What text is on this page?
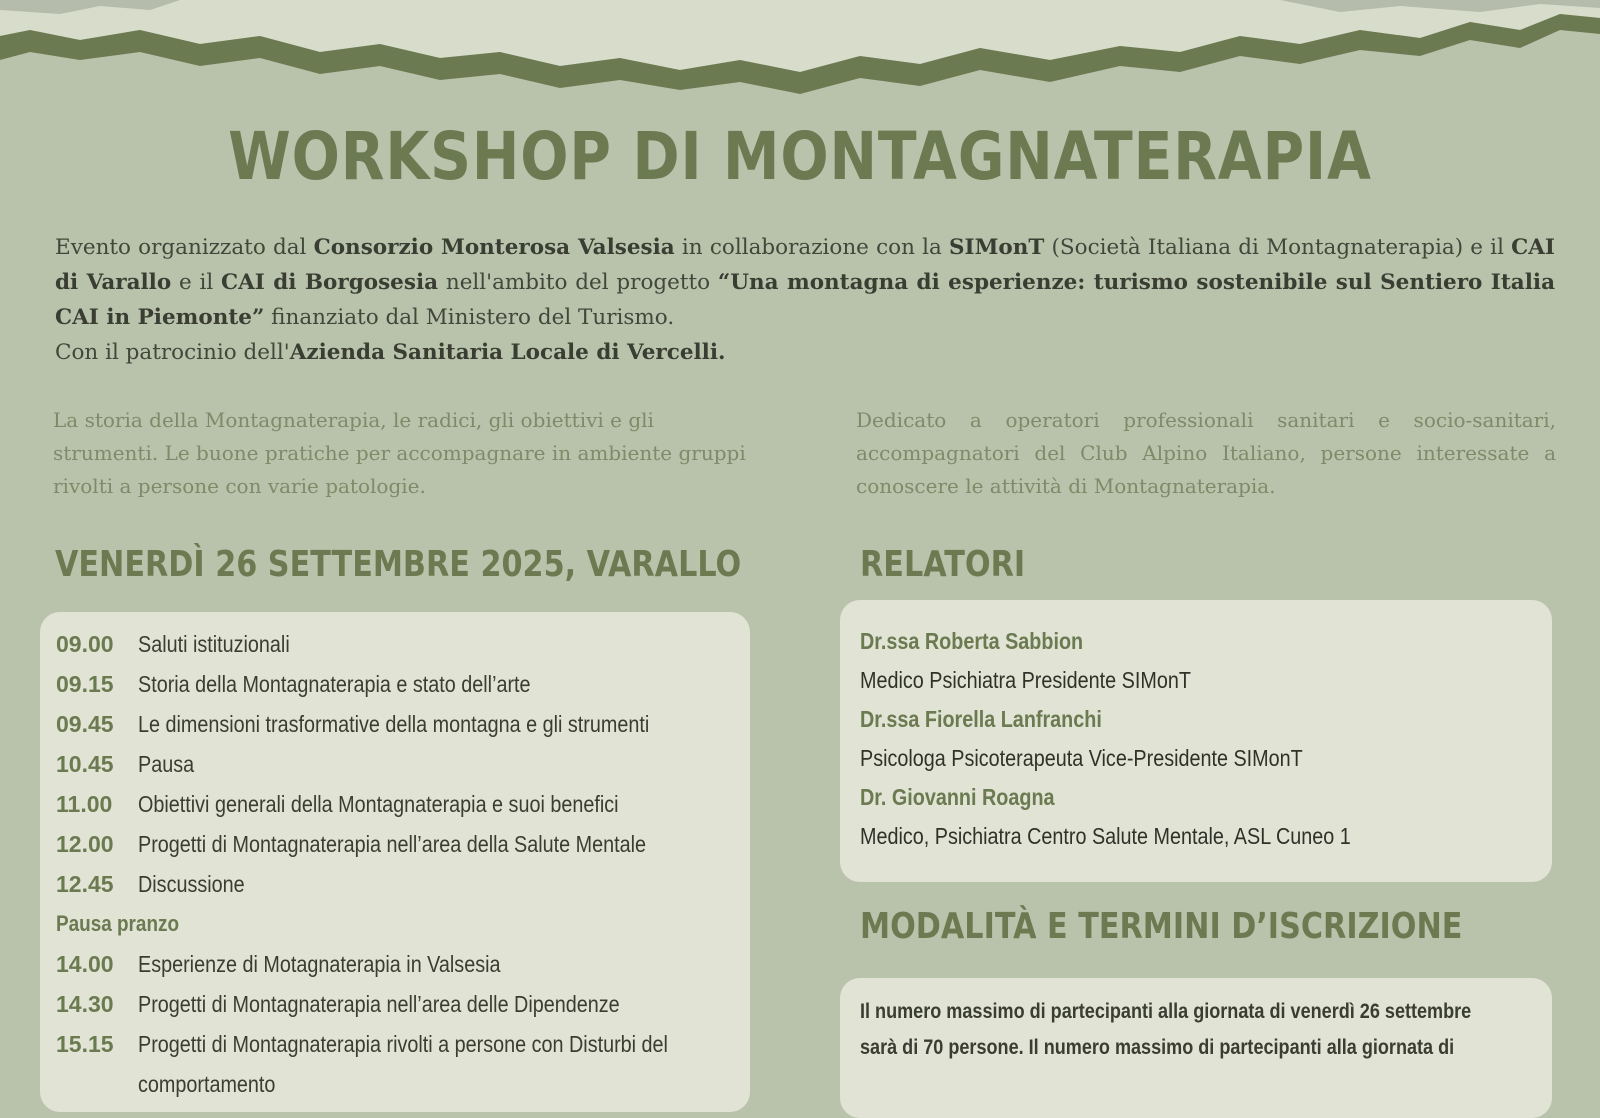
WORKSHOP DI MONTAGNATERAPIA

Evento organizzato dal Consorzio Monterosa Valsesia in collaborazione con la SIMonT (Società Italiana di Montagnaterapia) e il CAI di Varallo e il CAI di Borgosesia nell'ambito del progetto “Una montagna di esperienze: turismo sostenibile sul Sentiero Italia CAI in Piemonte” finanziato dal Ministero del Turismo.
Con il patrocinio dell'Azienda Sanitaria Locale di Vercelli.

La storia della Montagnaterapia, le radici, gli obiettivi e gli strumenti. Le buone pratiche per accompagnare in ambiente gruppi rivolti a persone con varie patologie.

Dedicato a operatori professionali sanitari e socio-sanitari, accompagnatori del Club Alpino Italiano, persone interessate a conoscere le attività di Montagnaterapia.

VENERDÌ 26 SETTEMBRE 2025, VARALLO	RELATORI
MODALITÀ E TERMINI D’ISCRIZIONE
09.00	Saluti istituzionali
09.15	Storia della Montagnaterapia e stato dell’arte
09.45	Le dimensioni trasformative della montagna e gli strumenti
10.45	Pausa
11.00	Obiettivi generali della Montagnaterapia e suoi benefici
12.00	Progetti di Montagnaterapia nell’area della Salute Mentale
12.45	Discussione
Pausa pranzo
14.00	Esperienze di Motagnaterapia in Valsesia
14.30	Progetti di Montagnaterapia nell’area delle Dipendenze
15.15	Progetti di Montagnaterapia rivolti a persone con Disturbi del
comportamento
Dr.ssa Roberta Sabbion
Medico Psichiatra Presidente SIMonT
Dr.ssa Fiorella Lanfranchi
Psicologa Psicoterapeuta Vice-Presidente SIMonT
Dr. Giovanni Roagna
Medico, Psichiatra Centro Salute Mentale, ASL Cuneo 1
Il numero massimo di partecipanti alla giornata di venerdì 26 settembre
sarà di 70 persone. Il numero massimo di partecipanti alla giornata di
